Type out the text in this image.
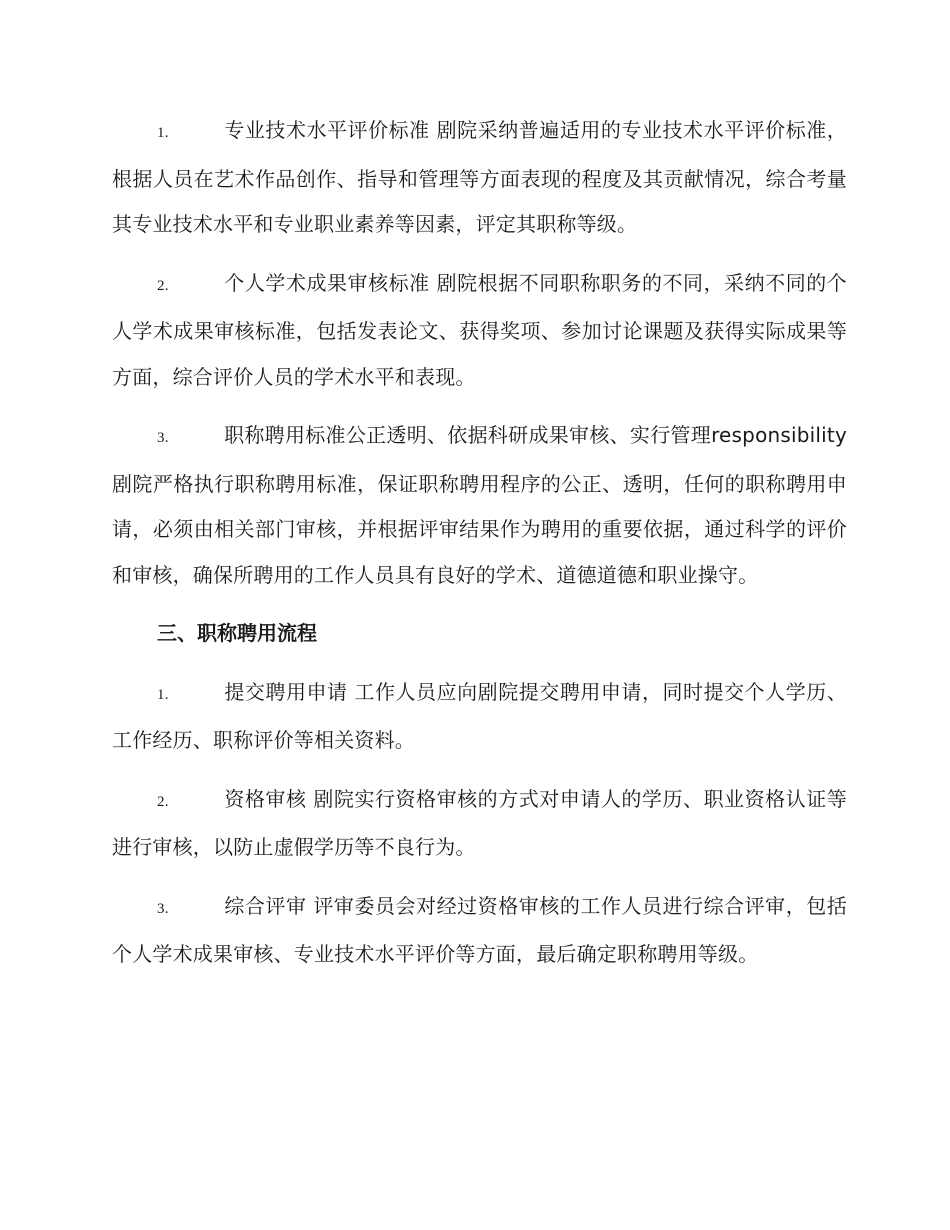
1.	专业技术水平评价标准 剧院采纳普遍适用的专业技术水平评价标准，根据人员在艺术作品创作、指导和管理等方面表现的程度及其贡献情况，综合考量其专业技术水平和专业职业素养等因素，评定其职称等级。

2.	个人学术成果审核标准 剧院根据不同职称职务的不同，采纳不同的个人学术成果审核标准，包括发表论文、获得奖项、参加讨论课题及获得实际成果等方面，综合评价人员的学术水平和表现。

3.	职称聘用标准公正透明、依据科研成果审核、实行管理responsibility 剧院严格执行职称聘用标准，保证职称聘用程序的公正、透明，任何的职称聘用申请，必须由相关部门审核，并根据评审结果作为聘用的重要依据，通过科学的评价和审核，确保所聘用的工作人员具有良好的学术、道德道德和职业操守。

三、职称聘用流程

1.	提交聘用申请 工作人员应向剧院提交聘用申请，同时提交个人学历、工作经历、职称评价等相关资料。

2.	资格审核 剧院实行资格审核的方式对申请人的学历、职业资格认证等进行审核，以防止虚假学历等不良行为。

3.	综合评审 评审委员会对经过资格审核的工作人员进行综合评审，包括个人学术成果审核、专业技术水平评价等方面，最后确定职称聘用等级。
